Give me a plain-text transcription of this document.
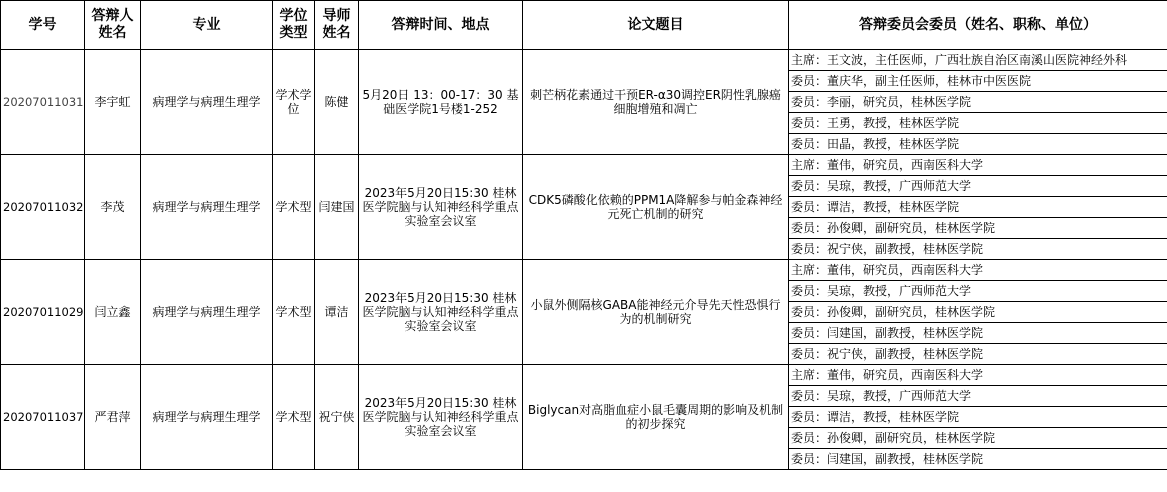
学号	答辩人姓名	专业	学位类型	导师姓名	答辩时间、地点	论文题目	答辩委员会委员（姓名、职称、单位）
20207011031	李宇虹	病理学与病理生理学	学术学位	陈健	5月20日 13：00-17：30 基础医学院1号楼1-252	刺芒柄花素通过干预ER-α30调控ER阴性乳腺癌细胞增殖和凋亡	主席：王文波，主任医师，广西壮族自治区南溪山医院神经外科
							委员：董庆华，副主任医师，桂林市中医医院
							委员：李丽，研究员，桂林医学院
							委员：王勇，教授，桂林医学院
							委员：田晶，教授，桂林医学院
20207011032	李茂	病理学与病理生理学	学术型	闫建国	2023年5月20日15:30 桂林医学院脑与认知神经科学重点实验室会议室	CDK5磷酸化依赖的PPM1A降解参与帕金森神经元死亡机制的研究	主席：董伟，研究员，西南医科大学
							委员：吴琼，教授，广西师范大学
							委员：谭洁，教授，桂林医学院
							委员：孙俊卿，副研究员，桂林医学院
							委员：祝宁侠，副教授，桂林医学院
20207011029	闫立鑫	病理学与病理生理学	学术型	谭洁	2023年5月20日15:30 桂林医学院脑与认知神经科学重点实验室会议室	小鼠外侧隔核GABA能神经元介导先天性恐惧行为的机制研究	主席：董伟，研究员，西南医科大学
							委员：吴琼，教授，广西师范大学
							委员：孙俊卿，副研究员，桂林医学院
							委员：闫建国，副教授，桂林医学院
							委员：祝宁侠，副教授，桂林医学院
20207011037	严君萍	病理学与病理生理学	学术型	祝宁侠	2023年5月20日15:30 桂林医学院脑与认知神经科学重点实验室会议室	Biglycan对高脂血症小鼠毛囊周期的影响及机制的初步探究	主席：董伟，研究员，西南医科大学
							委员：吴琼，教授，广西师范大学
							委员：谭洁，教授，桂林医学院
							委员：孙俊卿，副研究员，桂林医学院
							委员：闫建国，副教授，桂林医学院
